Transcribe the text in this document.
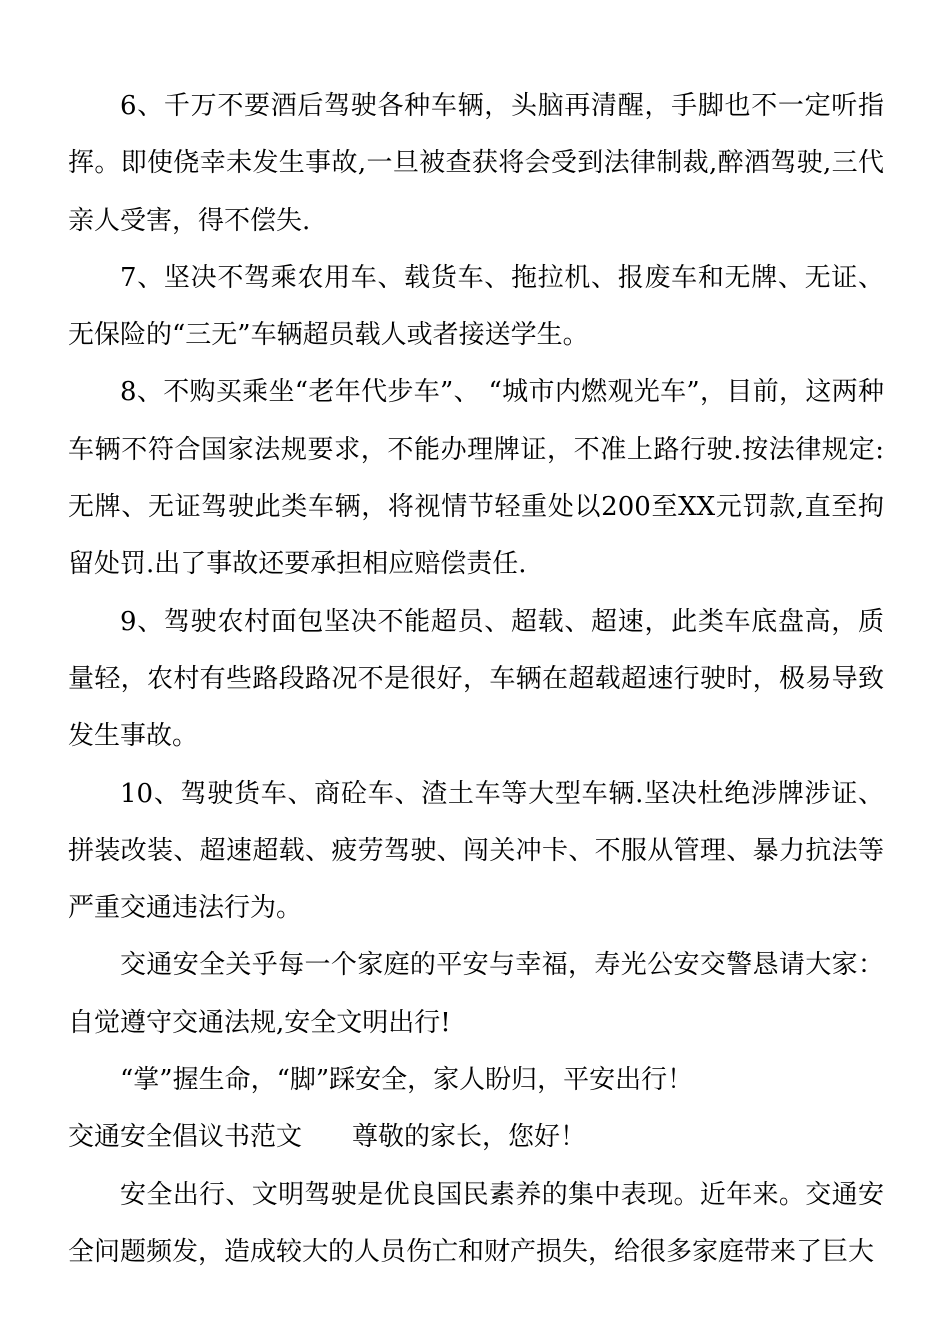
6、千万不要酒后驾驶各种车辆，头脑再清醒，手脚也不一定听指挥。即使侥幸未发生事故,一旦被查获将会受到法律制裁,醉酒驾驶,三代亲人受害，得不偿失.

7、坚决不驾乘农用车、载货车、拖拉机、报废车和无牌、无证、无保险的“三无”车辆超员载人或者接送学生。

8、不购买乘坐“老年代步车”、 “城市内燃观光车”，目前，这两种车辆不符合国家法规要求，不能办理牌证，不准上路行驶.按法律规定:无牌、无证驾驶此类车辆，将视情节轻重处以200至XX元罚款,直至拘留处罚.出了事故还要承担相应赔偿责任.

9、驾驶农村面包坚决不能超员、超载、超速，此类车底盘高，质量轻，农村有些路段路况不是很好，车辆在超载超速行驶时，极易导致发生事故。

10、驾驶货车、商砼车、渣土车等大型车辆.坚决杜绝涉牌涉证、拼装改装、超速超载、疲劳驾驶、闯关冲卡、不服从管理、暴力抗法等严重交通违法行为。

交通安全关乎每一个家庭的平安与幸福，寿光公安交警恳请大家：自觉遵守交通法规,安全文明出行!

“掌”握生命，“脚”踩安全，家人盼归，平安出行！

交通安全倡议书范文 尊敬的家长，您好！

安全出行、文明驾驶是优良国民素养的集中表现。近年来。交通安全问题频发，造成较大的人员伤亡和财产损失，给很多家庭带来了巨大
